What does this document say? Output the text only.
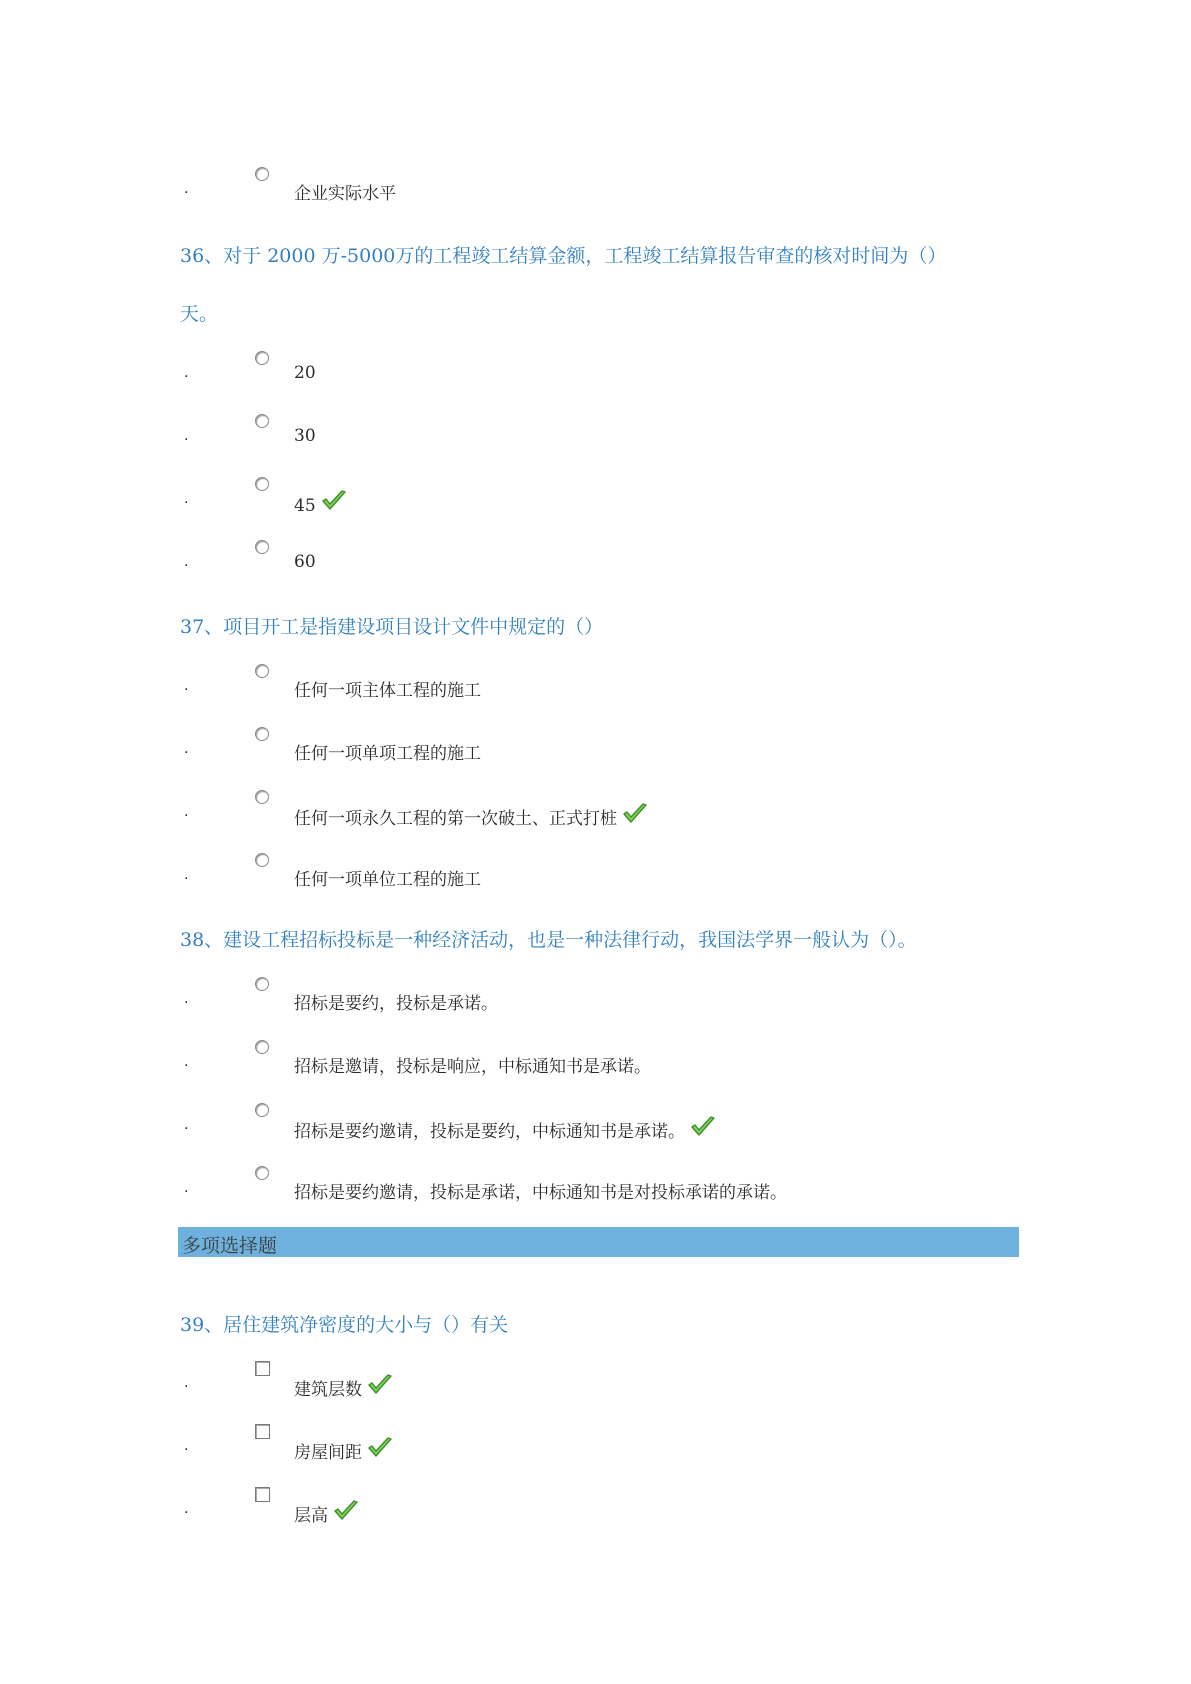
·	企业实际水平
36、对于 2000 万-5000万的工程竣工结算金额，工程竣工结算报告审查的核对时间为（）
天。
·	20
·	30
·	45
·	60
37、项目开工是指建设项目设计文件中规定的（）
·	任何一项主体工程的施工
·	任何一项单项工程的施工
·	任何一项永久工程的第一次破土、正式打桩
·	任何一项单位工程的施工
38、建设工程招标投标是一种经济活动，也是一种法律行动，我国法学界一般认为（）。
·	招标是要约，投标是承诺。
·	招标是邀请，投标是响应，中标通知书是承诺。
·	招标是要约邀请，投标是要约，中标通知书是承诺。
·	招标是要约邀请，投标是承诺，中标通知书是对投标承诺的承诺。
多项选择题
39、居住建筑净密度的大小与（）有关
·	建筑层数
·	房屋间距
·	层高
